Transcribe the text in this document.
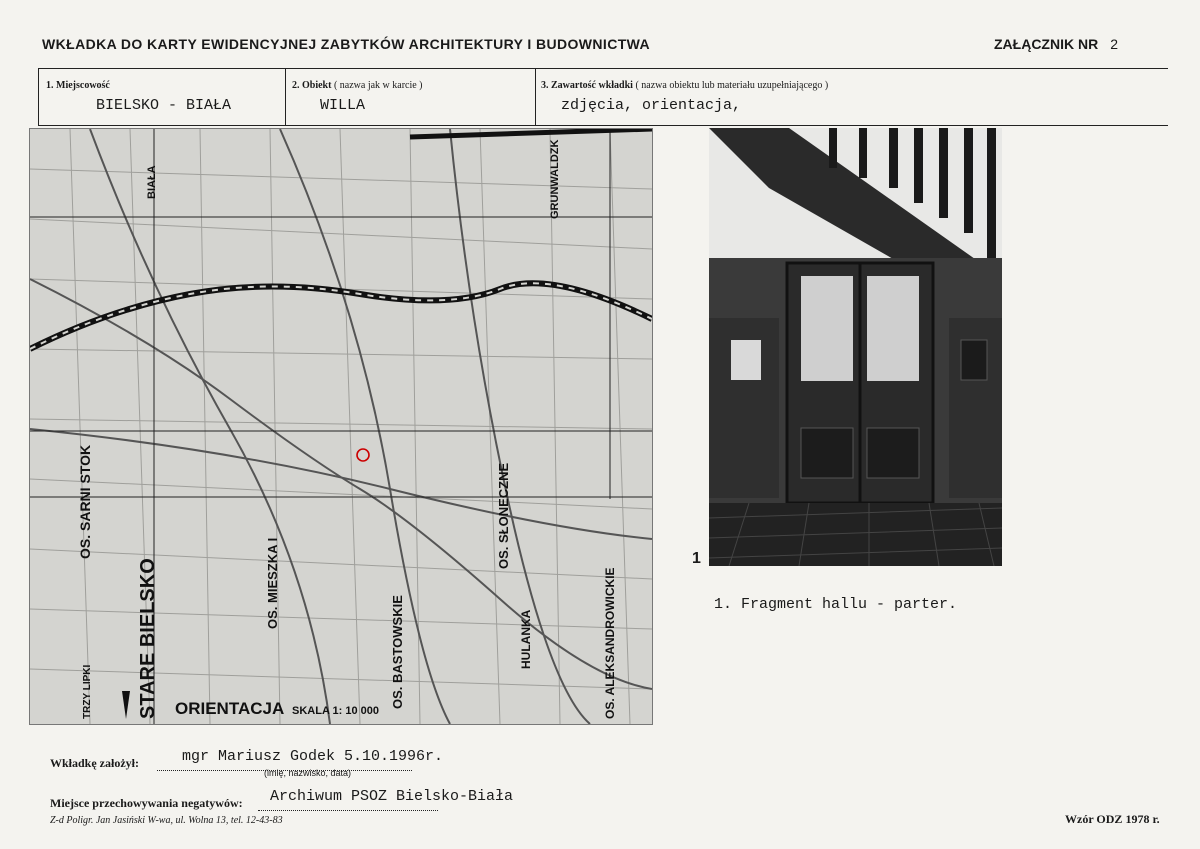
WKŁADKA DO KARTY EWIDENCYJNEJ ZABYTKÓW ARCHITEKTURY I BUDOWNICTWA	ZAŁĄCZNIK NR 2
1. Miejscowość
BIELSKO - BIAŁA
2. Obiekt ( nazwa jak w karcie )
WILLA
3. Zawartość wkładki ( nazwa obiektu lub materiału uzupełniającego )
zdjęcia, orientacja,
ORIENTACJA SKALA 1: 10 000
STARE BIELSKO
TRZY LIPKI
OS. SARNI STOK
OS. MIESZKA I
OS. BASTOWSKIE
OS. SŁONECZNE
HULANKA	OS. ALEKSANDROWICKIE
GRUNWALDZK
BIAŁA
1
1. Fragment hallu - parter.
Wkładkę założył:	mgr Mariusz Godek 5.10.1996r.
(imię, nazwisko, data)
Miejsce przechowywania negatywów: Archiwum PSOZ Bielsko-Biała
Z-d Poligr. Jan Jasiński W-wa, ul. Wolna 13, tel. 12-43-83	Wzór ODZ 1978 r.
